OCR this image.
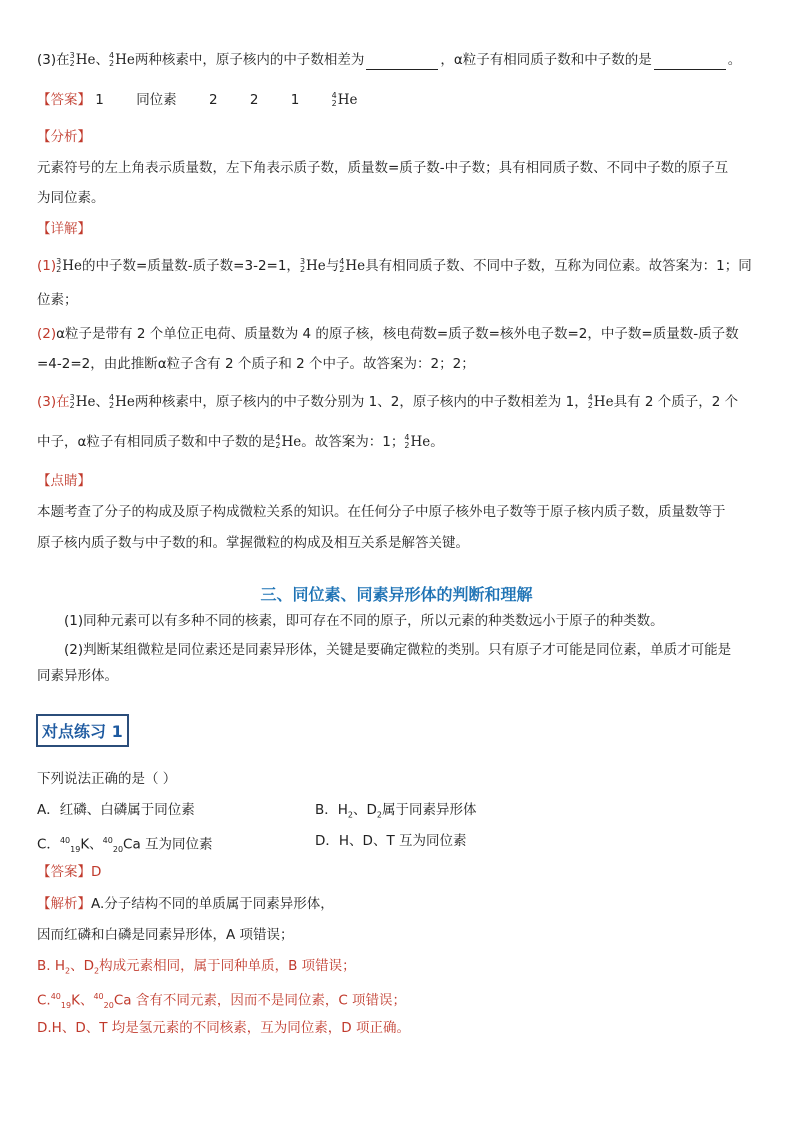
(3)在 3
2 He、 4
2 He两种核素中，原子核内的中子数相差为	，α粒子有相同质子数和中子数的是	。
【答案】 1 同位素 2 2 1	4
2 He
【分析】
元素符号的左上角表示质量数，左下角表示质子数，质量数=质子数-中子数；具有相同质子数、不同中子数的原子互
为同位素。
【详解】
(1) 3
2 He的中子数=质量数-质子数=3-2=1， 3
2 He与 4
2 He具有相同质子数、不同中子数，互称为同位素。故答案为：1；同
位素；
(2)α粒子是带有 2 个单位正电荷、质量数为 4 的原子核，核电荷数=质子数=核外电子数=2，中子数=质量数-质子数
=4-2=2，由此推断α粒子含有 2 个质子和 2 个中子。故答案为：2；2；
(3)在 3
2 He、 4
2 He两种核素中，原子核内的中子数分别为 1、2，原子核内的中子数相差为 1， 4
2 He具有 2 个质子，2 个
中子，α粒子有相同质子数和中子数的是 4
2 He。故答案为：1； 4
2 He。
【点睛】
本题考查了分子的构成及原子构成微粒关系的知识。在任何分子中原子核外电子数等于原子核内质子数，质量数等于
原子核内质子数与中子数的和。掌握微粒的构成及相互关系是解答关键。
三、同位素、同素异形体的判断和理解
(1)同种元素可以有多种不同的核素，即可存在不同的原子，所以元素的种类数远小于原子的种类数。
(2)判断某组微粒是同位素还是同素异形体，关键是要确定微粒的类别。只有原子才可能是同位素，单质才可能是
同素异形体。
对点练习 1
下列说法正确的是（ ）
A．红磷、白磷属于同位素	B．$H_2$、$D_2$属于同素异形体
C．$^{40}_{19}$K、$^{40}_{20}$Ca 互为同位素	D．H、D、T 互为同位素
【答案】D
【解析】A.分子结构不同的单质属于同素异形体，
因而红磷和白磷是同素异形体，A 项错误；
B. $H_2$、$D_2$构成元素相同，属于同种单质，B 项错误；
C.$^{40}_{19}$K、$^{40}_{20}$Ca 含有不同元素，因而不是同位素，C 项错误；
D.H、D、T 均是氢元素的不同核素，互为同位素，D 项正确。
